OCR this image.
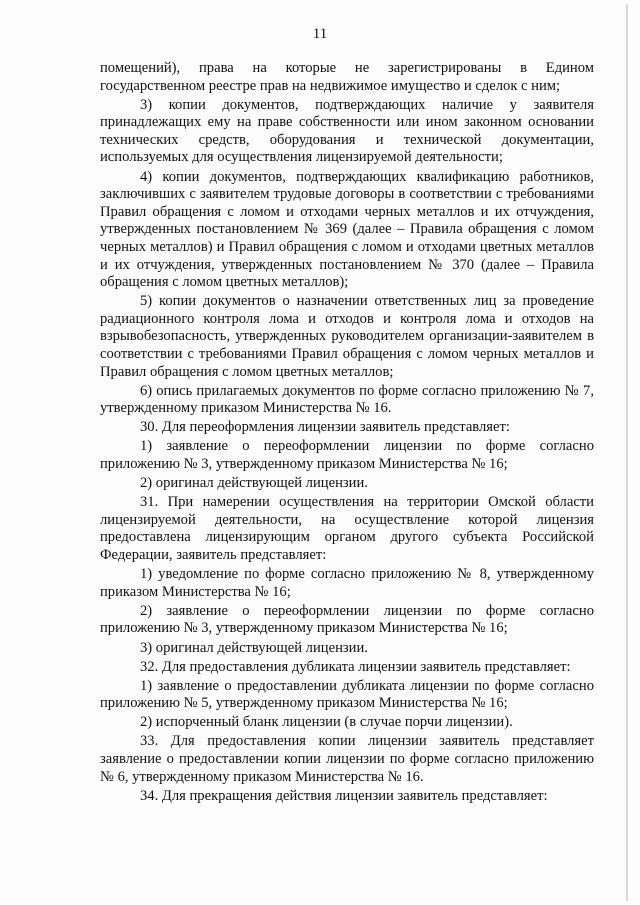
11

помещений), права на которые не зарегистрированы в Едином государственном реестре прав на недвижимое имущество и сделок с ним;

3) копии документов, подтверждающих наличие у заявителя принадлежащих ему на праве собственности или ином законном основании технических средств, оборудования и технической документации, используемых для осуществления лицензируемой деятельности;

4) копии документов, подтверждающих квалификацию работников, заключивших с заявителем трудовые договоры в соответствии с требованиями Правил обращения с ломом и отходами черных металлов и их отчуждения, утвержденных постановлением № 369 (далее – Правила обращения с ломом черных металлов) и Правил обращения с ломом и отходами цветных металлов и их отчуждения, утвержденных постановлением № 370 (далее – Правила обращения с ломом цветных металлов);

5) копии документов о назначении ответственных лиц за проведение радиационного контроля лома и отходов и контроля лома и отходов на взрывобезопасность, утвержденных руководителем организации-заявителем в соответствии с требованиями Правил обращения с ломом черных металлов и Правил обращения с ломом цветных металлов;

6) опись прилагаемых документов по форме согласно приложению № 7, утвержденному приказом Министерства № 16.

30. Для переоформления лицензии заявитель представляет:

1) заявление о переоформлении лицензии по форме согласно приложению № 3, утвержденному приказом Министерства № 16;

2) оригинал действующей лицензии.

31. При намерении осуществления на территории Омской области лицензируемой деятельности, на осуществление которой лицензия предоставлена лицензирующим органом другого субъекта Российской Федерации, заявитель представляет:

1) уведомление по форме согласно приложению № 8, утвержденному приказом Министерства № 16;

2) заявление о переоформлении лицензии по форме согласно приложению № 3, утвержденному приказом Министерства № 16;

3) оригинал действующей лицензии.

32. Для предоставления дубликата лицензии заявитель представляет:

1) заявление о предоставлении дубликата лицензии по форме согласно приложению № 5, утвержденному приказом Министерства № 16;

2) испорченный бланк лицензии (в случае порчи лицензии).

33. Для предоставления копии лицензии заявитель представляет заявление о предоставлении копии лицензии по форме согласно приложению № 6, утвержденному приказом Министерства № 16.

34. Для прекращения действия лицензии заявитель представляет:
